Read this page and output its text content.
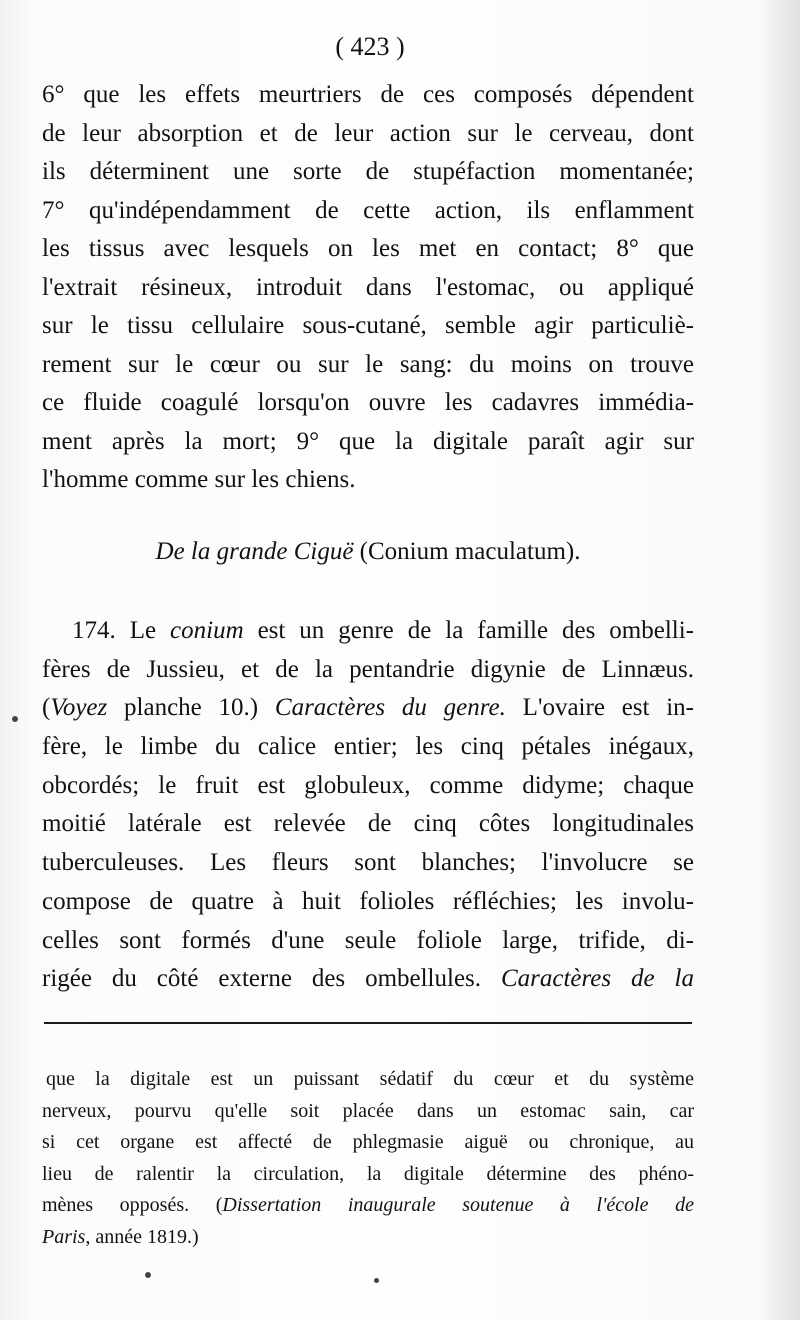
( 423 )
6° que les effets meurtriers de ces composés dépendent
de leur absorption et de leur action sur le cerveau, dont
ils déterminent une sorte de stupéfaction momentanée;
7° qu'indépendamment de cette action, ils enflamment
les tissus avec lesquels on les met en contact; 8° que
l'extrait résineux, introduit dans l'estomac, ou appliqué
sur le tissu cellulaire sous-cutané, semble agir particuliè-
rement sur le cœur ou sur le sang: du moins on trouve
ce fluide coagulé lorsqu'on ouvre les cadavres immédia-
ment après la mort; 9° que la digitale paraît agir sur
l'homme comme sur les chiens.
De la grande Ciguë (Conium maculatum).
174. Le conium est un genre de la famille des ombelli-
fères de Jussieu, et de la pentandrie digynie de Linnæus.
(Voyez planche 10.) Caractères du genre. L'ovaire est in-
fère, le limbe du calice entier; les cinq pétales inégaux,
obcordés; le fruit est globuleux, comme didyme; chaque
moitié latérale est relevée de cinq côtes longitudinales
tuberculeuses. Les fleurs sont blanches; l'involucre se
compose de quatre à huit folioles réfléchies; les involu-
celles sont formés d'une seule foliole large, trifide, di-
rigée du côté externe des ombellules. Caractères de la
que la digitale est un puissant sédatif du cœur et du système
nerveux, pourvu qu'elle soit placée dans un estomac sain, car
si cet organe est affecté de phlegmasie aiguë ou chronique, au
lieu de ralentir la circulation, la digitale détermine des phéno-
mènes opposés. (Dissertation inaugurale soutenue à l'école de
Paris, année 1819.)
